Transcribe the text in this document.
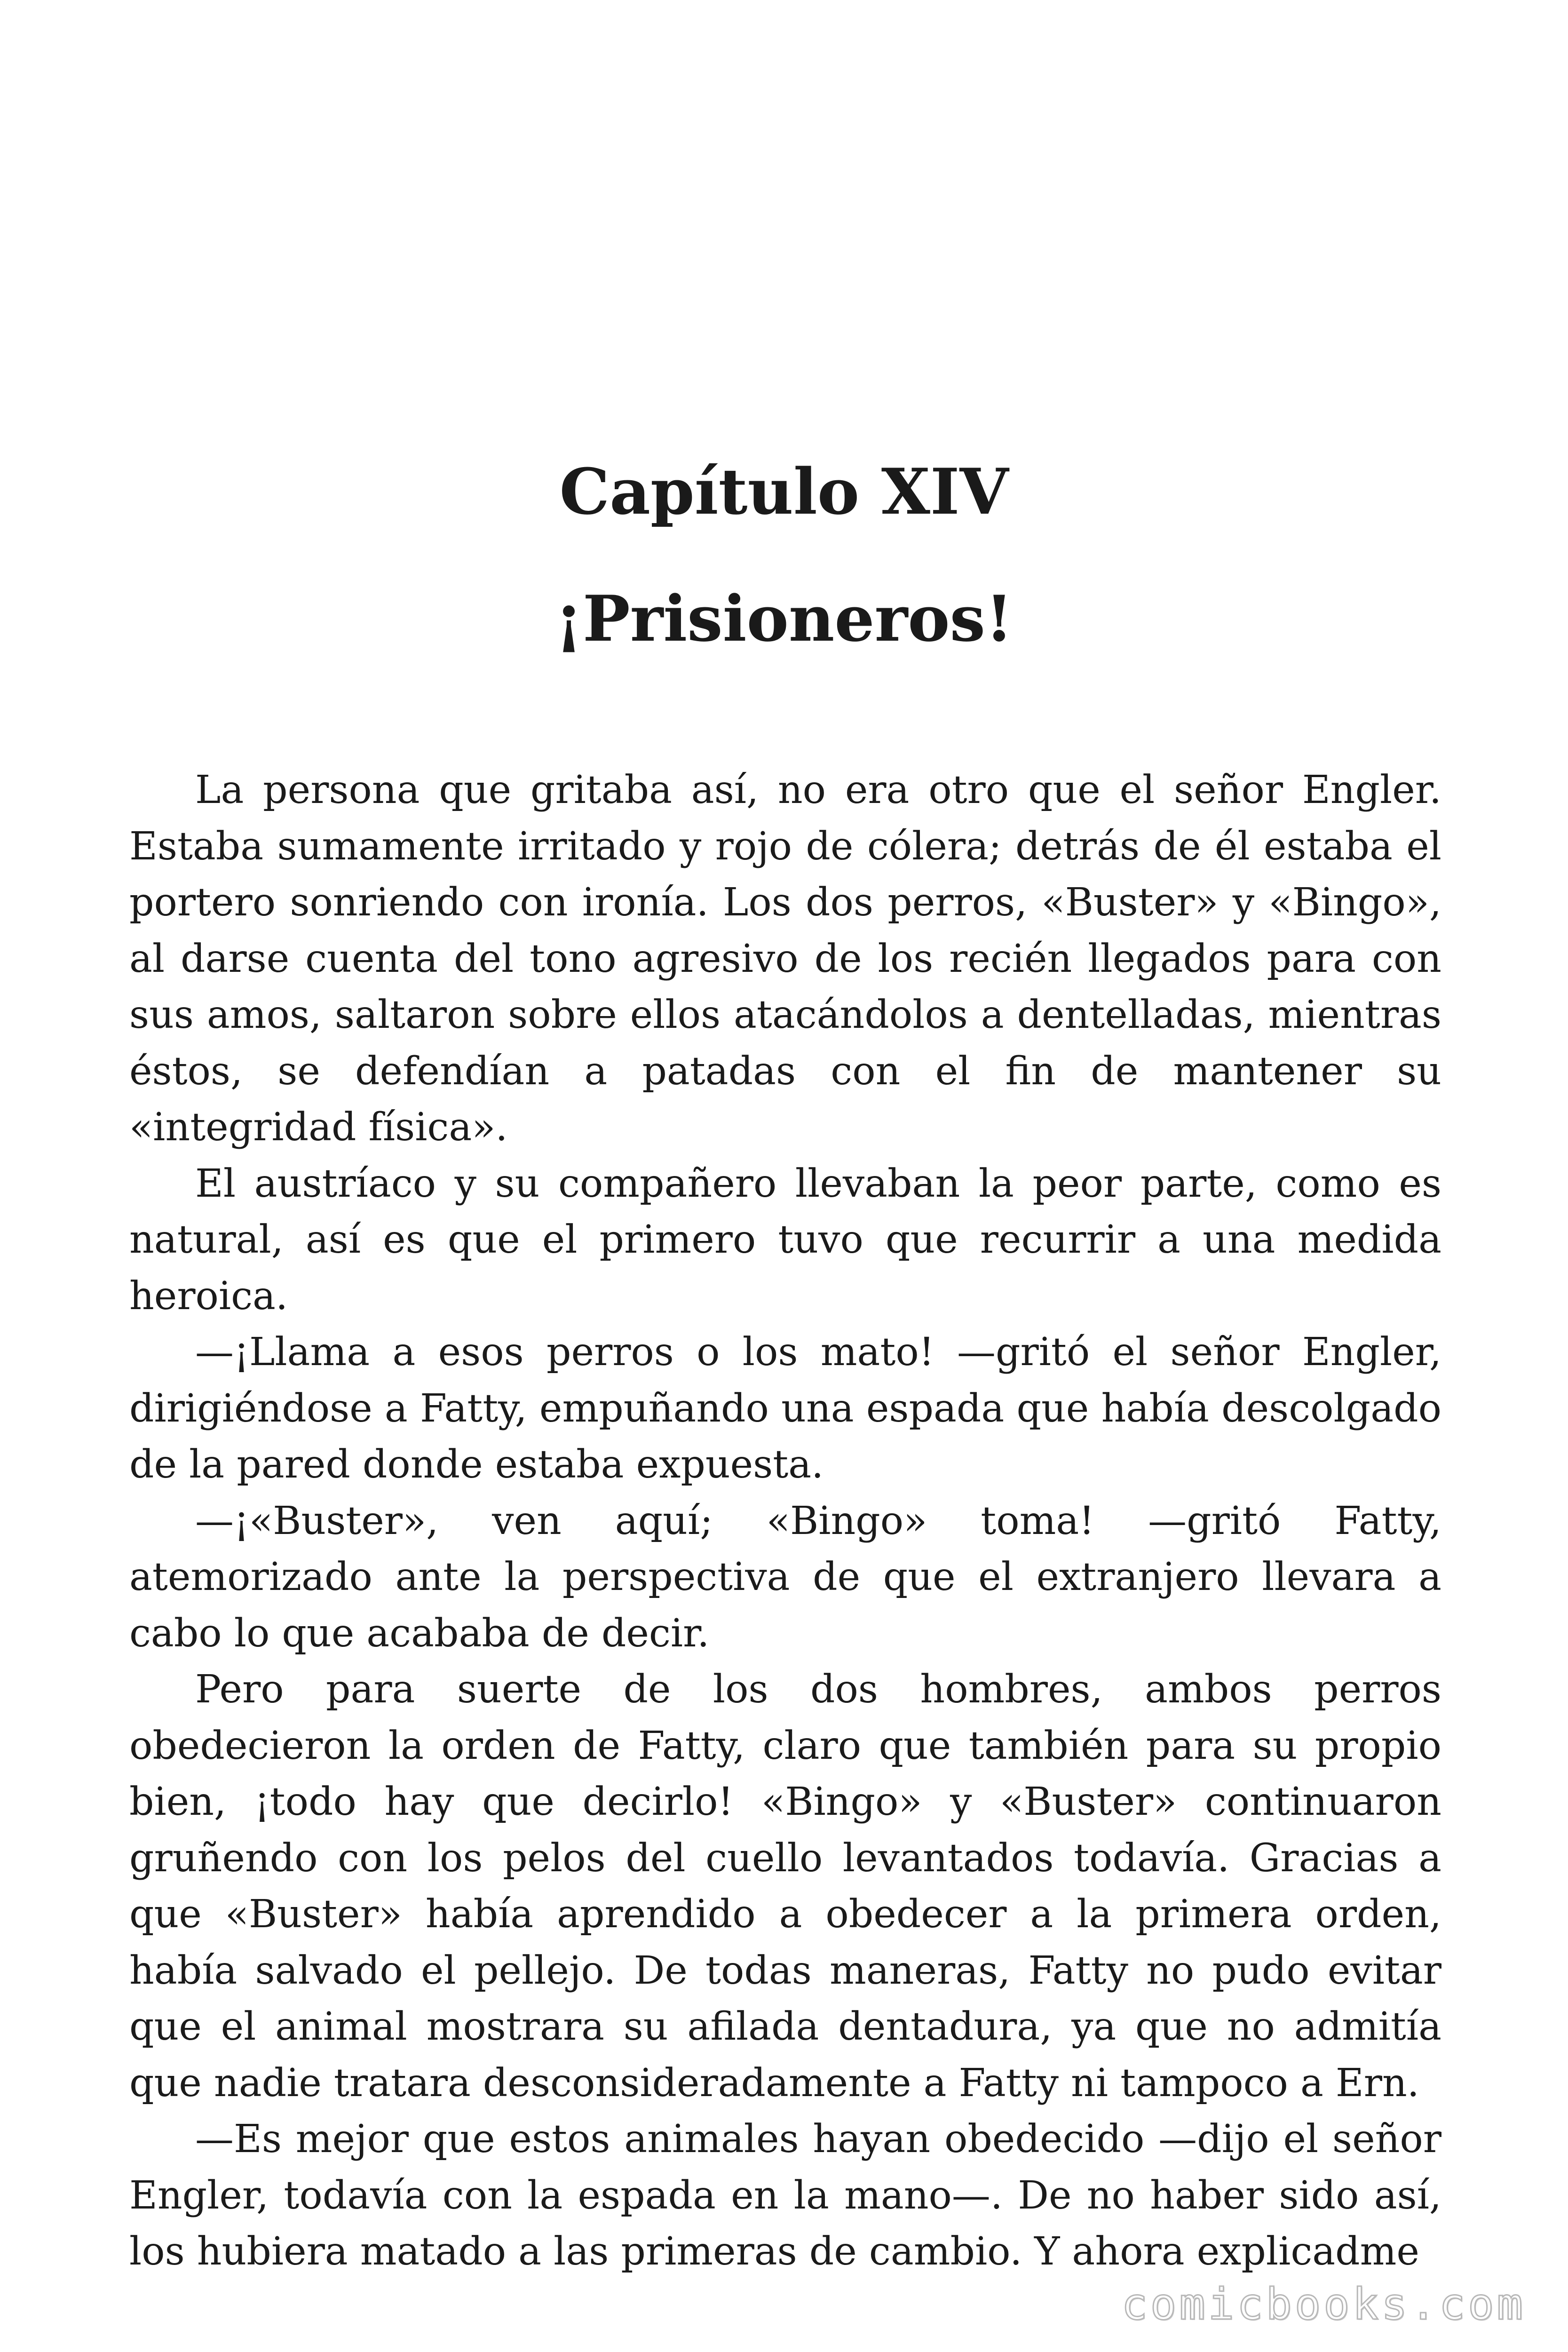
Capítulo XIV
¡Prisioneros!

La persona que gritaba así, no era otro que el señor Engler. Estaba sumamente irritado y rojo de cólera; detrás de él estaba el portero sonriendo con ironía. Los dos perros, «Buster» y «Bingo», al darse cuenta del tono agresivo de los recién llegados para con sus amos, saltaron sobre ellos atacándolos a dentelladas, mientras éstos, se defendían a patadas con el fin de mantener su «integridad física».

El austríaco y su compañero llevaban la peor parte, como es natural, así es que el primero tuvo que recurrir a una medida heroica.

—¡Llama a esos perros o los mato! —gritó el señor Engler, dirigiéndose a Fatty, empuñando una espada que había descolgado de la pared donde estaba expuesta.

—¡«Buster», ven aquí; «Bingo» toma! —gritó Fatty, atemorizado ante la perspectiva de que el extranjero llevara a cabo lo que acababa de decir.

Pero para suerte de los dos hombres, ambos perros obedecieron la orden de Fatty, claro que también para su propio bien, ¡todo hay que decirlo! «Bingo» y «Buster» continuaron gruñendo con los pelos del cuello levantados todavía. Gracias a que «Buster» había aprendido a obedecer a la primera orden, había salvado el pellejo. De todas maneras, Fatty no pudo evitar que el animal mostrara su afilada dentadura, ya que no admitía que nadie tratara desconsideradamente a Fatty ni tampoco a Ern.

—Es mejor que estos animales hayan obedecido —dijo el señor Engler, todavía con la espada en la mano—. De no haber sido así, los hubiera matado a las primeras de cambio. Y ahora explicadme

comicbooks.com
